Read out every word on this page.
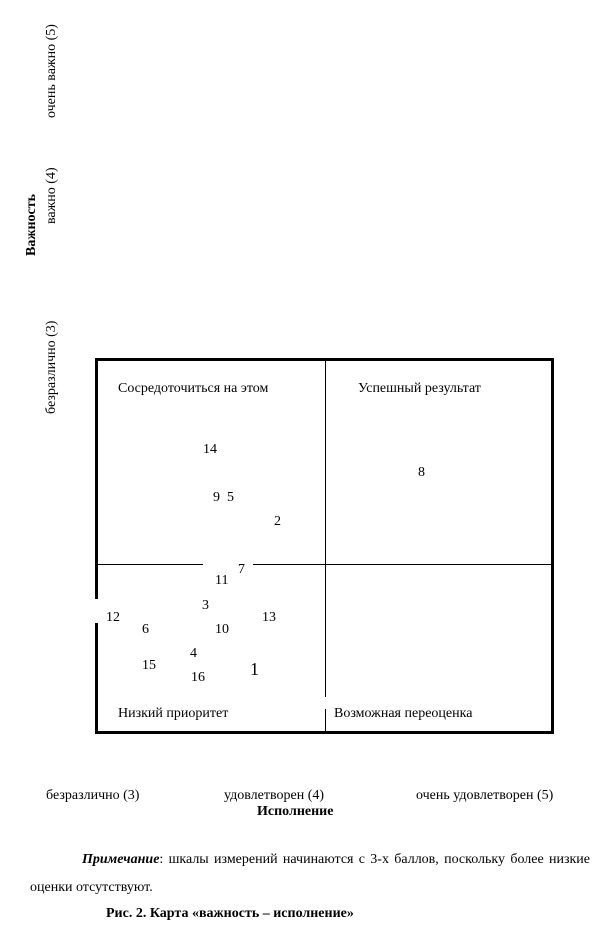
очень важно (5)
важно (4)
Важность
безразлично (3)	Сосредоточиться на этом	Успешный результат
Низкий приоритет	Возможная переоценка
14
9 5
2
8
7
11
3
12
6	10
13
4
15
16	1
безразлично (3)	удовлетворен (4)	очень удовлетворен (5)
Исполнение
Примечание: шкалы измерений начинаются с 3-х баллов, поскольку более низкие оценки отсутствуют.
Рис. 2. Карта «важность – исполнение»
